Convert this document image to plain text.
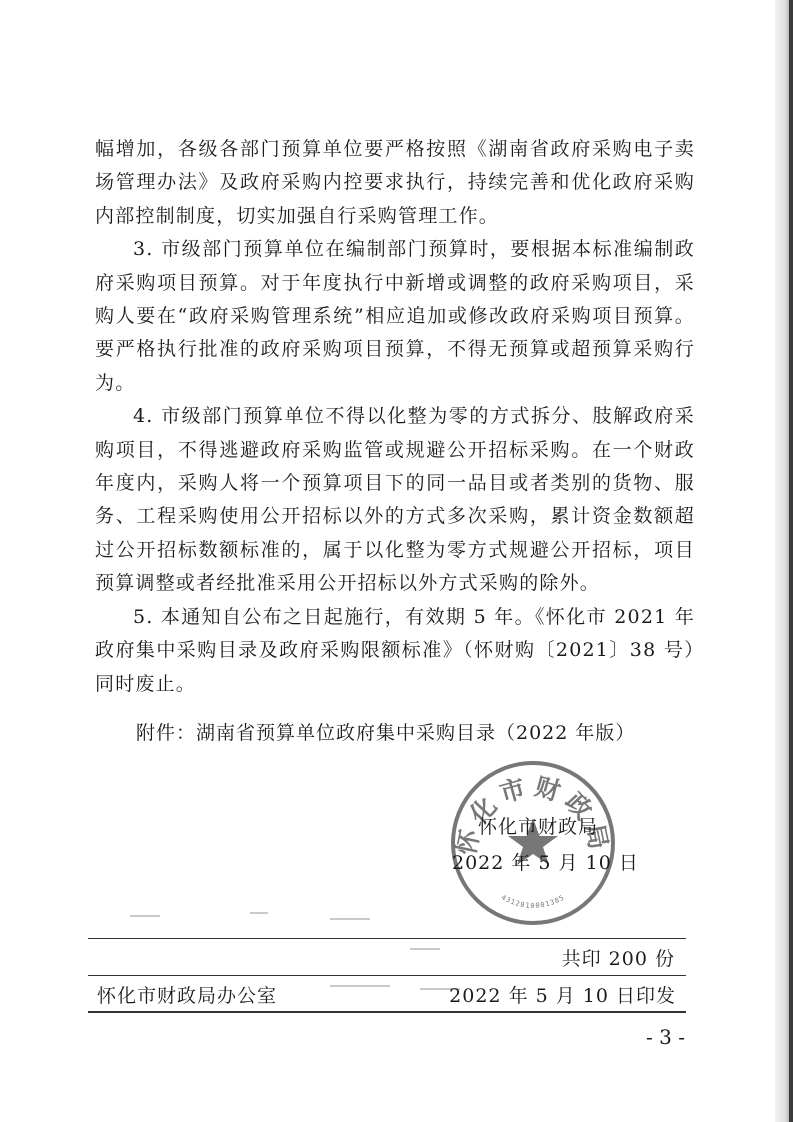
幅增加，各级各部门预算单位要严格按照《湖南省政府采购电子卖场管理办法》及政府采购内控要求执行，持续完善和优化政府采购内部控制制度，切实加强自行采购管理工作。

3. 市级部门预算单位在编制部门预算时，要根据本标准编制政府采购项目预算。对于年度执行中新增或调整的政府采购项目，采购人要在“政府采购管理系统”相应追加或修改政府采购项目预算。要严格执行批准的政府采购项目预算，不得无预算或超预算采购行为。

4. 市级部门预算单位不得以化整为零的方式拆分、肢解政府采购项目，不得逃避政府采购监管或规避公开招标采购。在一个财政年度内，采购人将一个预算项目下的同一品目或者类别的货物、服务、工程采购使用公开招标以外的方式多次采购，累计资金数额超过公开招标数额标准的，属于以化整为零方式规避公开招标，项目预算调整或者经批准采用公开招标以外方式采购的除外。

5. 本通知自公布之日起施行，有效期 5 年。《怀化市 2021 年政府集中采购目录及政府采购限额标准》（怀财购〔2021〕38 号）同时废止。

附件：湖南省预算单位政府集中采购目录（2022 年版）
怀化市财政局
4312010001385
怀化市财政局
2022 年 5 月 10 日
共印 200 份
怀化市财政局办公室	2022 年 5 月 10 日印发
- 3 -
